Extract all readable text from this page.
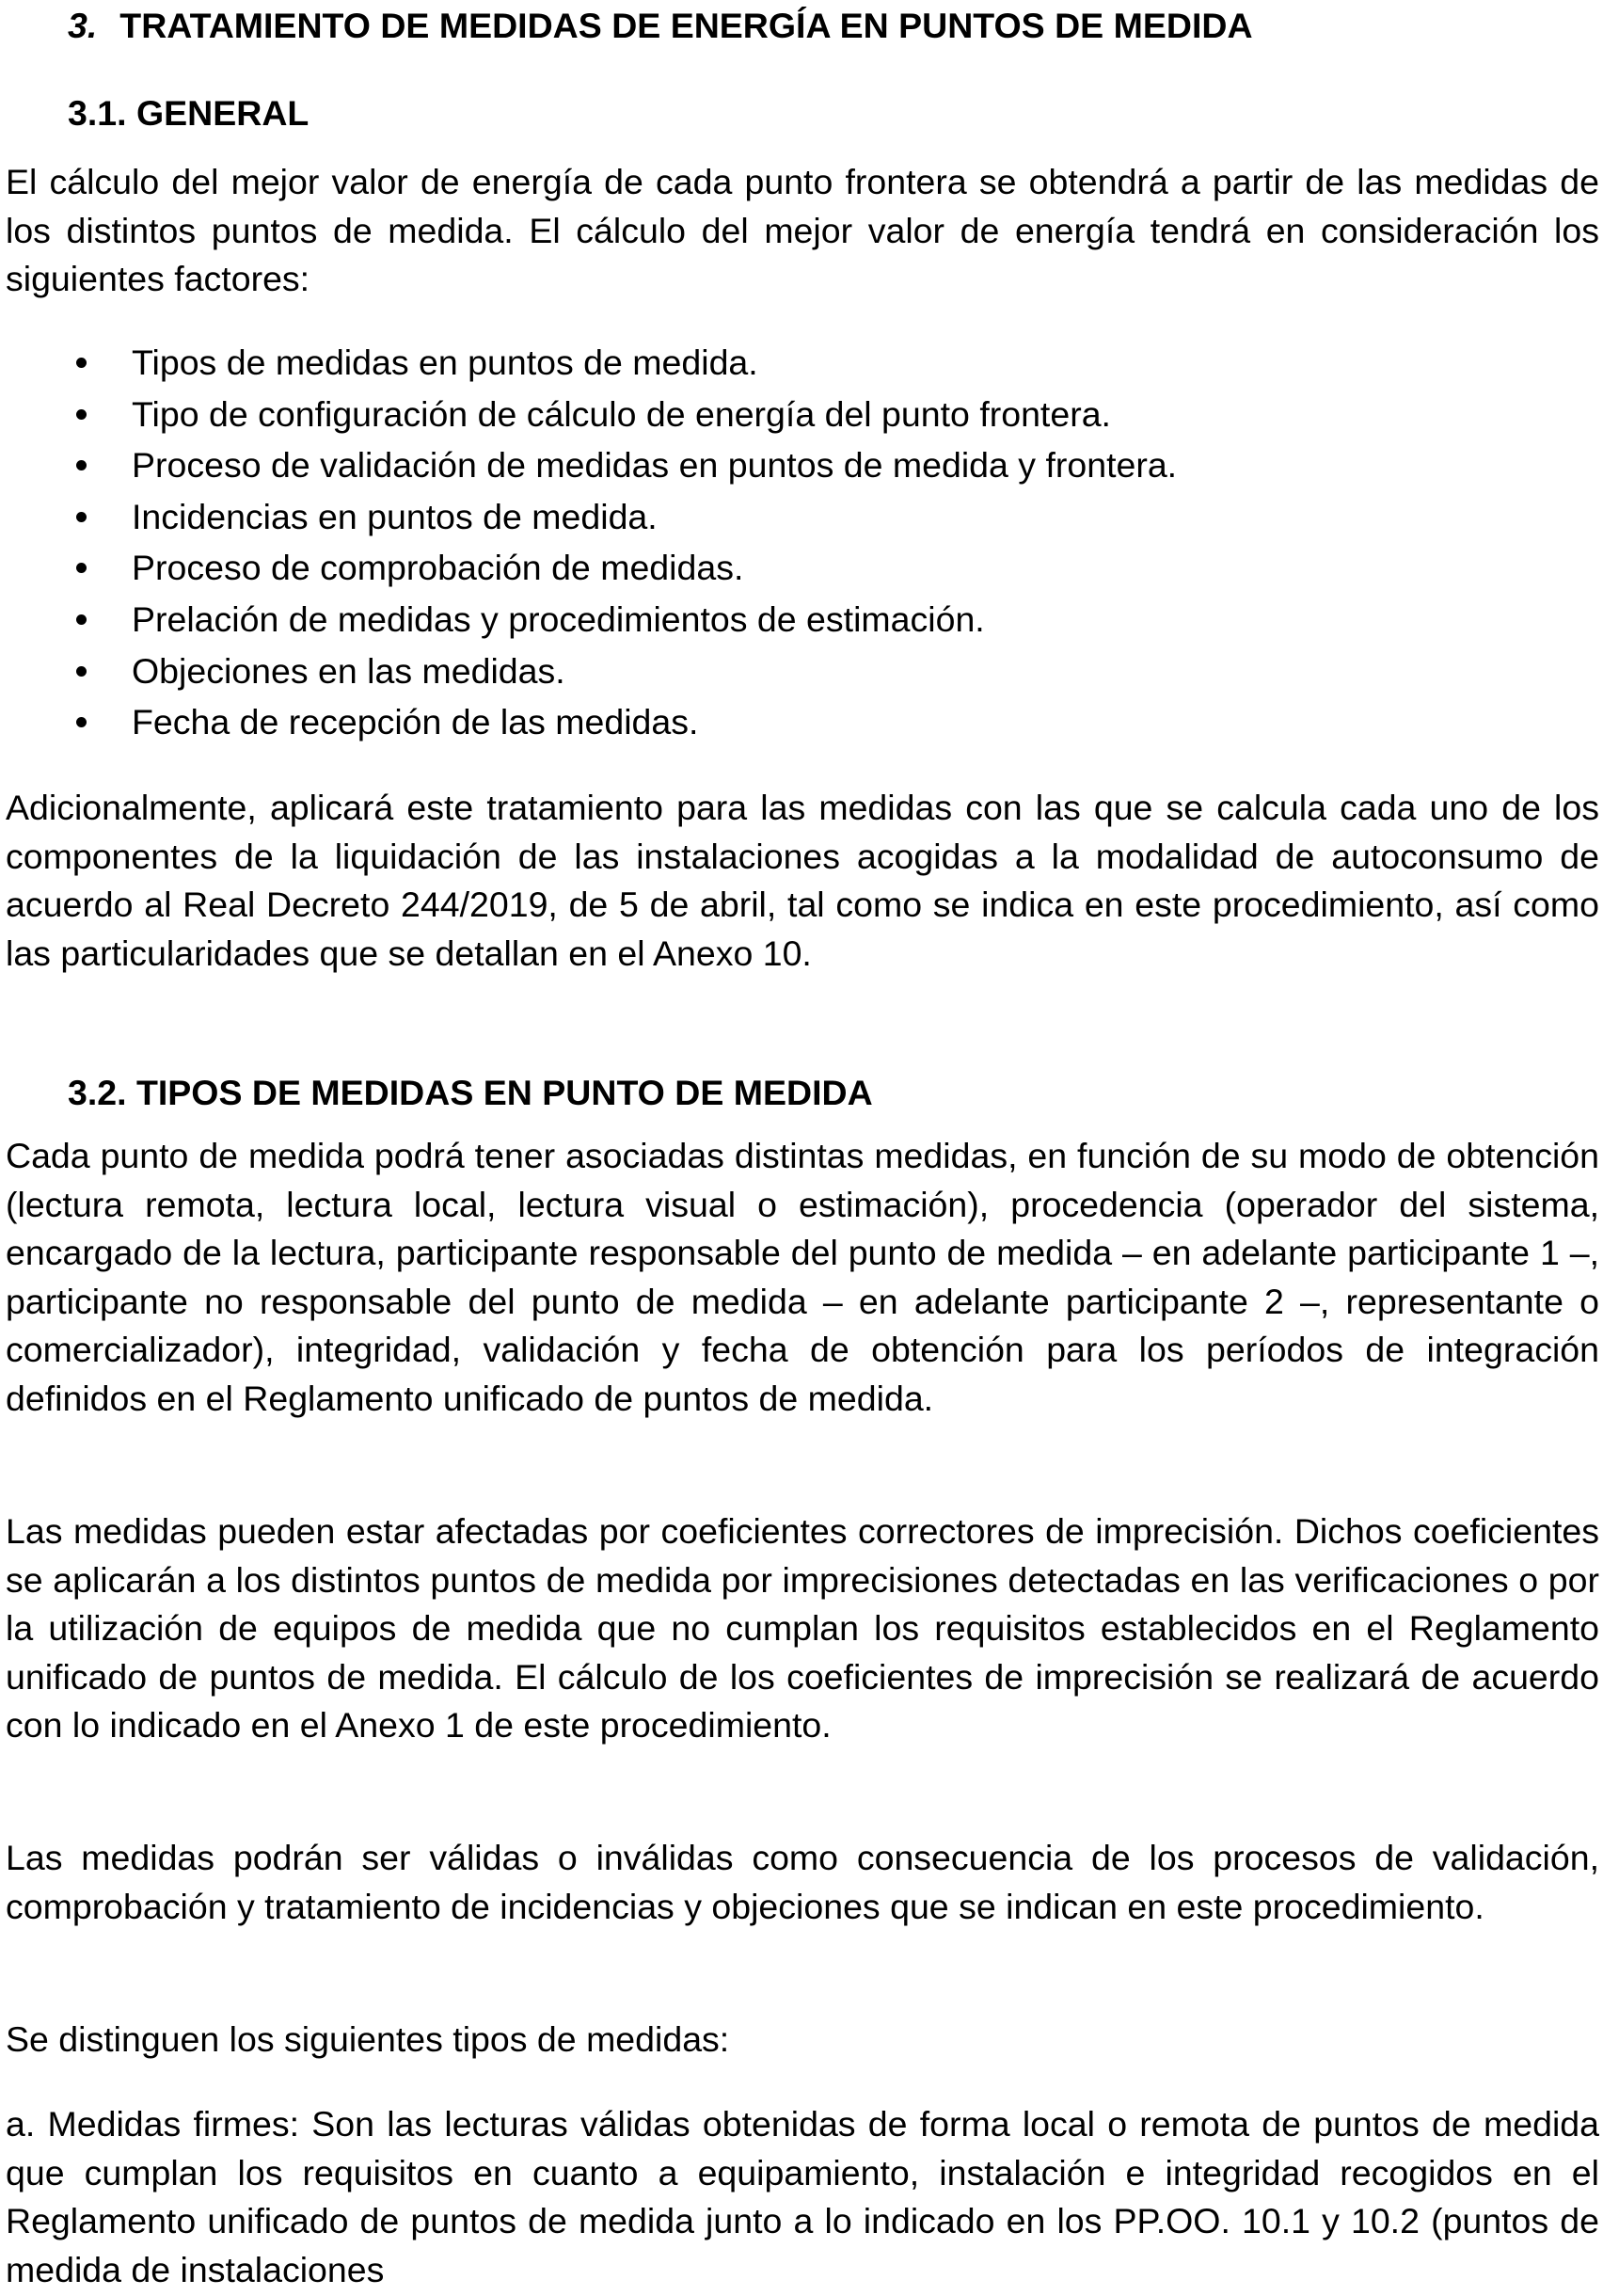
3. TRATAMIENTO DE MEDIDAS DE ENERGÍA EN PUNTOS DE MEDIDA
3.1. GENERAL

El cálculo del mejor valor de energía de cada punto frontera se obtendrá a partir de las medidas de los distintos puntos de medida. El cálculo del mejor valor de energía tendrá en consideración los siguientes factores:

Tipos de medidas en puntos de medida.
Tipo de configuración de cálculo de energía del punto frontera.
Proceso de validación de medidas en puntos de medida y frontera.
Incidencias en puntos de medida.
Proceso de comprobación de medidas.
Prelación de medidas y procedimientos de estimación.
Objeciones en las medidas.
Fecha de recepción de las medidas.

Adicionalmente, aplicará este tratamiento para las medidas con las que se calcula cada uno de los componentes de la liquidación de las instalaciones acogidas a la modalidad de autoconsumo de acuerdo al Real Decreto 244/2019, de 5 de abril, tal como se indica en este procedimiento, así como las particularidades que se detallan en el Anexo 10.

3.2. TIPOS DE MEDIDAS EN PUNTO DE MEDIDA

Cada punto de medida podrá tener asociadas distintas medidas, en función de su modo de obtención (lectura remota, lectura local, lectura visual o estimación), procedencia (operador del sistema, encargado de la lectura, participante responsable del punto de medida – en adelante participante 1 –, participante no responsable del punto de medida – en adelante participante 2 –, representante o comercializador), integridad, validación y fecha de obtención para los períodos de integración definidos en el Reglamento unificado de puntos de medida.

Las medidas pueden estar afectadas por coeficientes correctores de imprecisión. Dichos coeficientes se aplicarán a los distintos puntos de medida por imprecisiones detectadas en las verificaciones o por la utilización de equipos de medida que no cumplan los requisitos establecidos en el Reglamento unificado de puntos de medida. El cálculo de los coeficientes de imprecisión se realizará de acuerdo con lo indicado en el Anexo 1 de este procedimiento.

Las medidas podrán ser válidas o inválidas como consecuencia de los procesos de validación, comprobación y tratamiento de incidencias y objeciones que se indican en este procedimiento.

Se distinguen los siguientes tipos de medidas:

a. Medidas firmes: Son las lecturas válidas obtenidas de forma local o remota de puntos de medida que cumplan los requisitos en cuanto a equipamiento, instalación e integridad recogidos en el Reglamento unificado de puntos de medida junto a lo indicado en los PP.OO. 10.1 y 10.2 (puntos de medida de instalaciones
